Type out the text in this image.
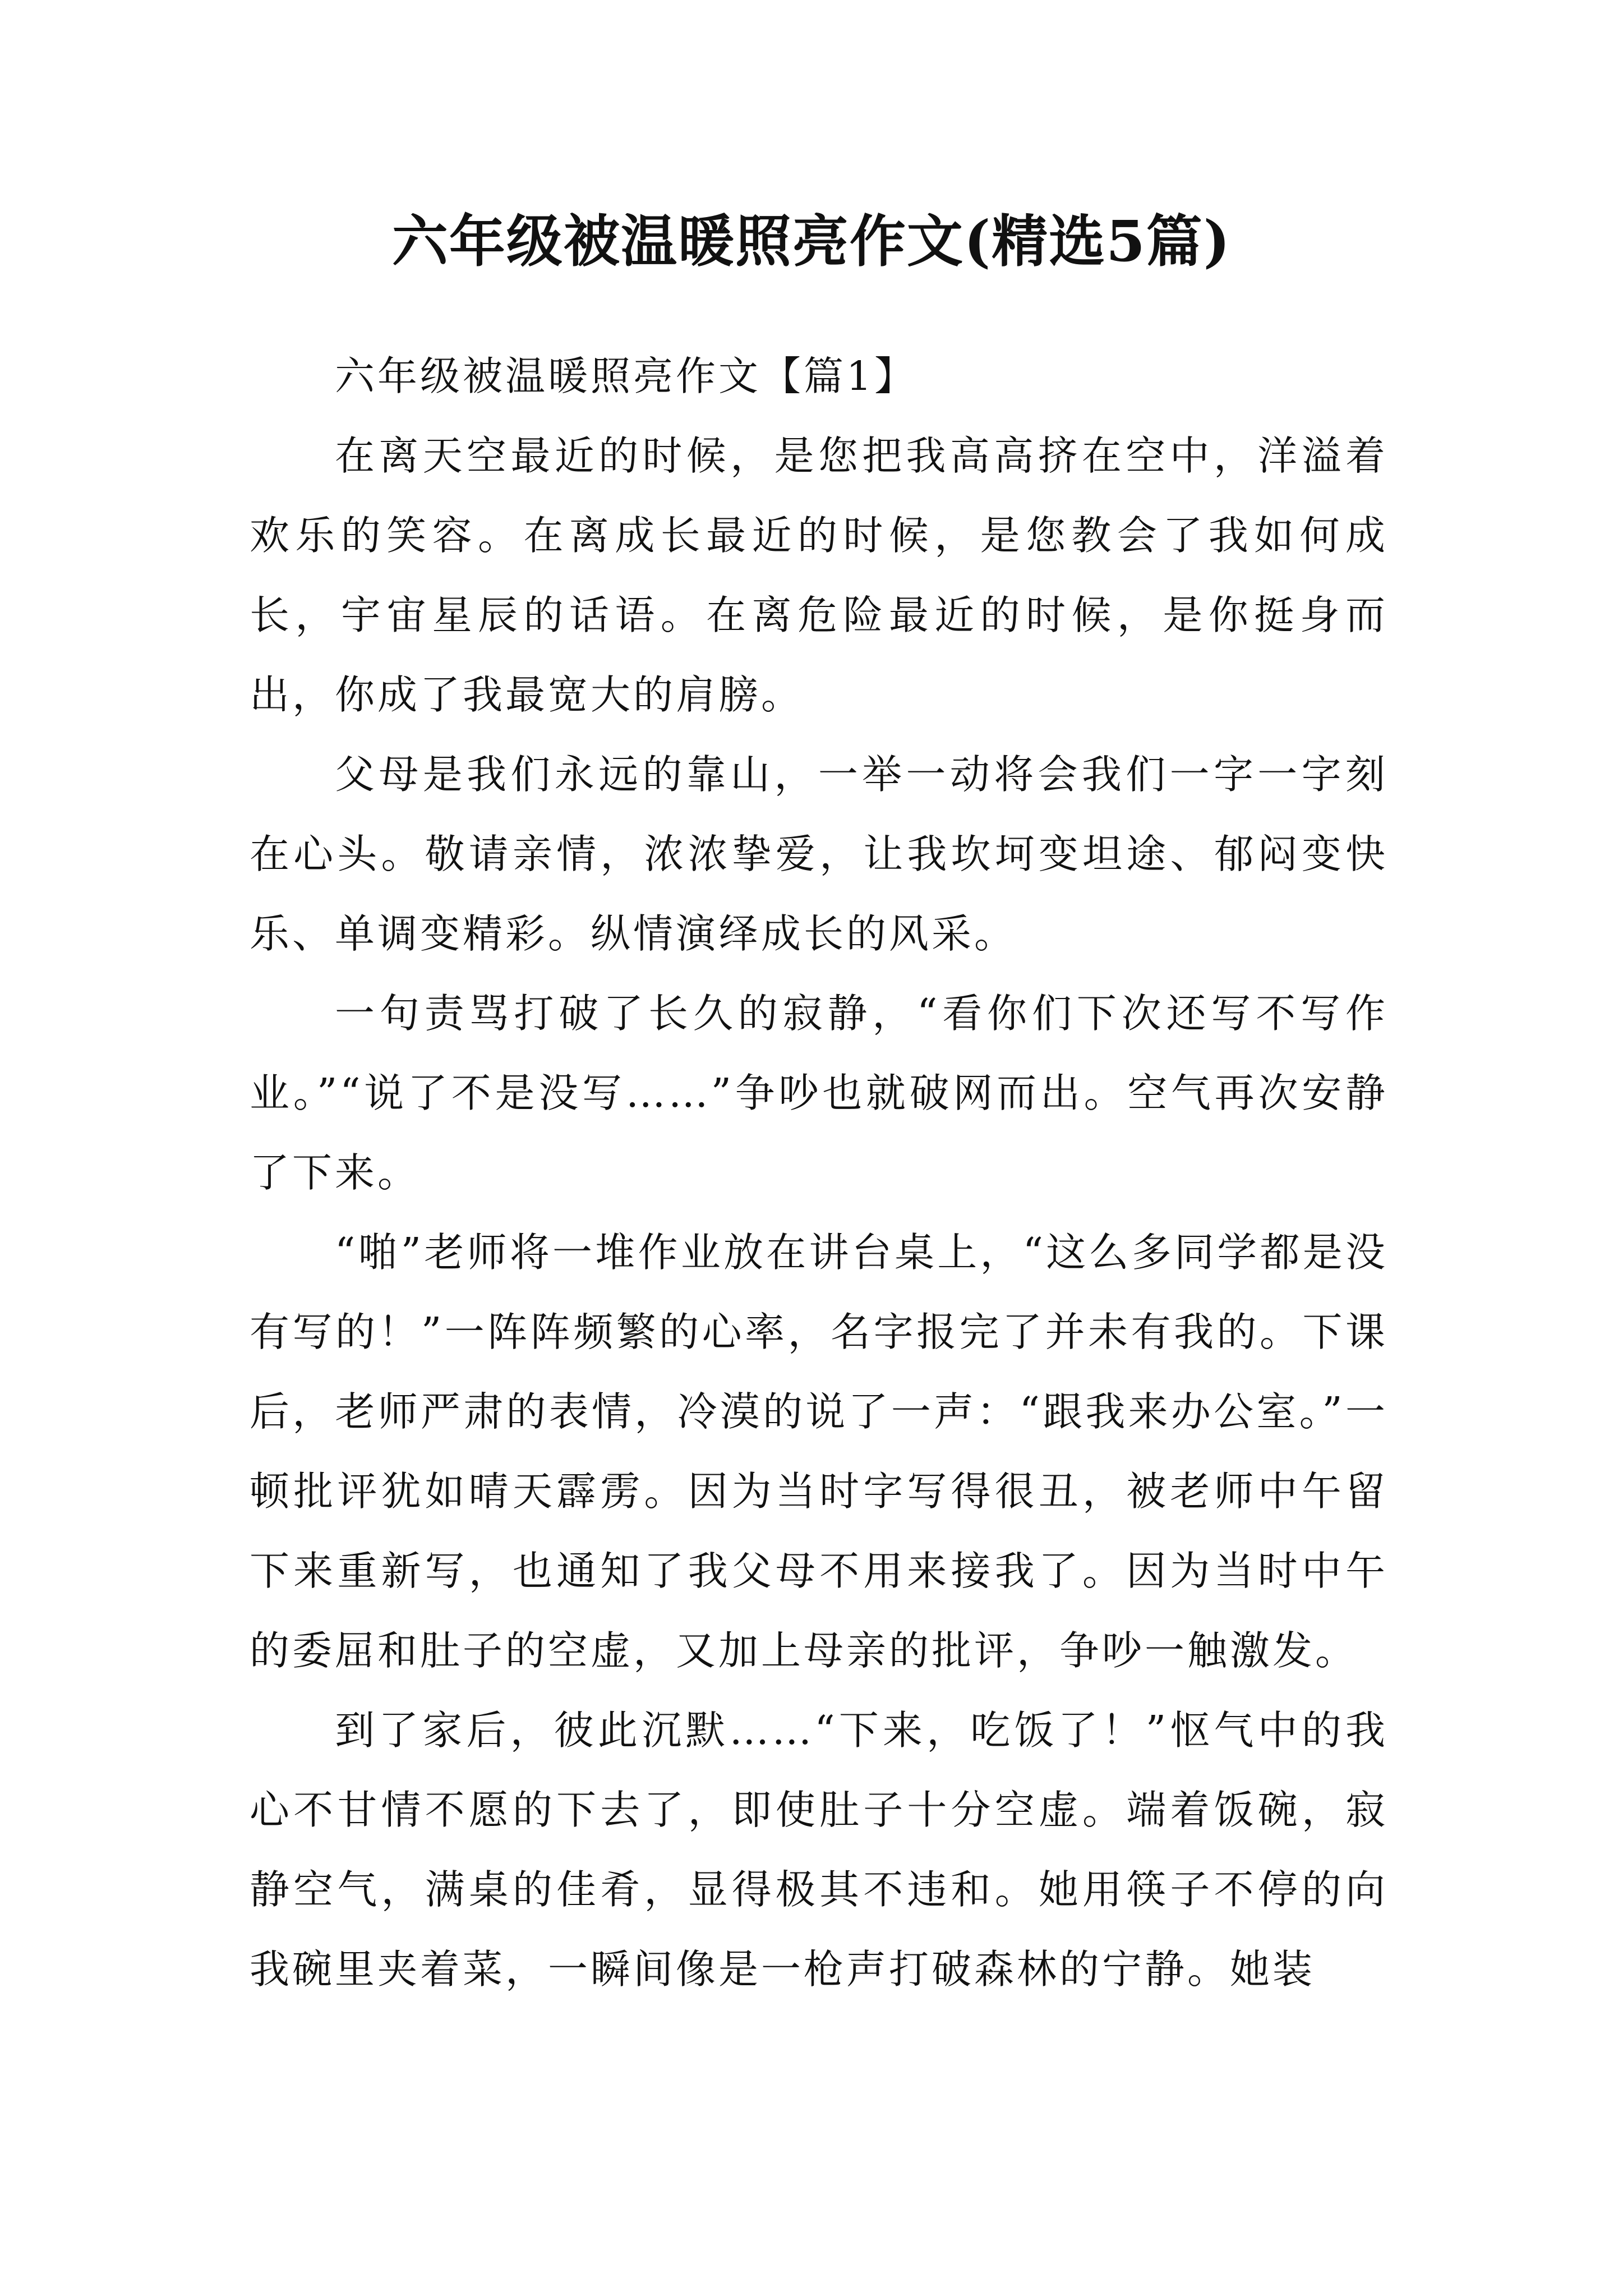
六年级被温暖照亮作文(精选5篇)

六年级被温暖照亮作文【篇1】

在离天空最近的时候，是您把我高高挤在空中，洋溢着欢乐的笑容。在离成长最近的时候，是您教会了我如何成长，宇宙星辰的话语。在离危险最近的时候，是你挺身而出，你成了我最宽大的肩膀。

父母是我们永远的靠山，一举一动将会我们一字一字刻在心头。敬请亲情，浓浓挚爱，让我坎坷变坦途、郁闷变快乐、单调变精彩。纵情演绎成长的风采。

一句责骂打破了长久的寂静，“看你们下次还写不写作业。”“说了不是没写……”争吵也就破网而出。空气再次安静了下来。

“啪”老师将一堆作业放在讲台桌上，“这么多同学都是没有写的！”一阵阵频繁的心率，名字报完了并未有我的。下课后，老师严肃的表情，冷漠的说了一声：“跟我来办公室。”一顿批评犹如晴天霹雳。因为当时字写得很丑，被老师中午留下来重新写，也通知了我父母不用来接我了。因为当时中午的委屈和肚子的空虚，又加上母亲的批评，争吵一触激发。

到了家后，彼此沉默……“下来，吃饭了！”怄气中的我心不甘情不愿的下去了，即使肚子十分空虚。端着饭碗，寂静空气，满桌的佳肴，显得极其不违和。她用筷子不停的向我碗里夹着菜，一瞬间像是一枪声打破森林的宁静。她装
